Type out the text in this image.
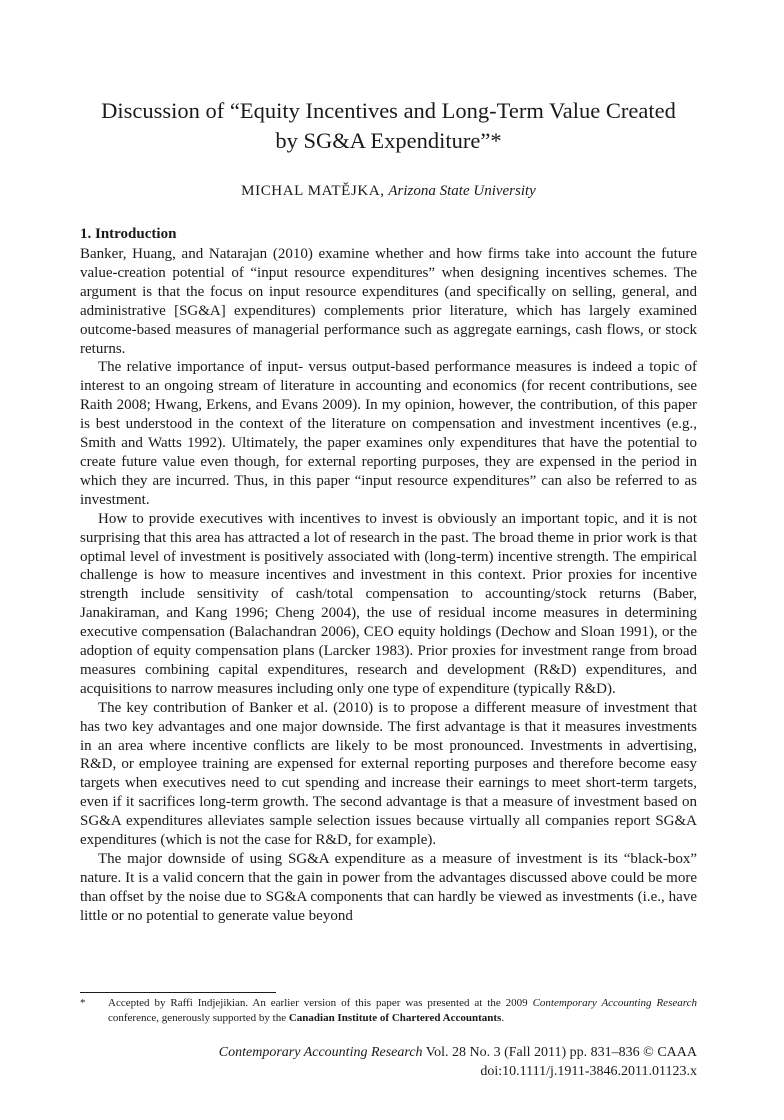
Discussion of “Equity Incentives and Long-Term Value Created
by SG&A Expenditure”*
MICHAL MATĚJKA, Arizona State University
1. Introduction

Banker, Huang, and Natarajan (2010) examine whether and how firms take into account the future value-creation potential of “input resource expenditures” when designing incentives schemes. The argument is that the focus on input resource expenditures (and specifically on selling, general, and administrative [SG&A] expenditures) complements prior literature, which has largely examined outcome-based measures of managerial performance such as aggregate earnings, cash flows, or stock returns.

The relative importance of input- versus output-based performance measures is indeed a topic of interest to an ongoing stream of literature in accounting and economics (for recent contributions, see Raith 2008; Hwang, Erkens, and Evans 2009). In my opinion, however, the contribution, of this paper is best understood in the context of the literature on compensation and investment incentives (e.g., Smith and Watts 1992). Ultimately, the paper examines only expenditures that have the potential to create future value even though, for external reporting purposes, they are expensed in the period in which they are incurred. Thus, in this paper “input resource expenditures” can also be referred to as investment.

How to provide executives with incentives to invest is obviously an important topic, and it is not surprising that this area has attracted a lot of research in the past. The broad theme in prior work is that optimal level of investment is positively associated with (long-term) incentive strength. The empirical challenge is how to measure incentives and investment in this context. Prior proxies for incentive strength include sensitivity of cash/total compensation to accounting/stock returns (Baber, Janakiraman, and Kang 1996; Cheng 2004), the use of residual income measures in determining executive compensation (Balachandran 2006), CEO equity holdings (Dechow and Sloan 1991), or the adoption of equity compensation plans (Larcker 1983). Prior proxies for investment range from broad measures combining capital expenditures, research and development (R&D) expenditures, and acquisitions to narrow measures including only one type of expenditure (typically R&D).

The key contribution of Banker et al. (2010) is to propose a different measure of investment that has two key advantages and one major downside. The first advantage is that it measures investments in an area where incentive conflicts are likely to be most pronounced. Investments in advertising, R&D, or employee training are expensed for external reporting purposes and therefore become easy targets when executives need to cut spending and increase their earnings to meet short-term targets, even if it sacrifices long-term growth. The second advantage is that a measure of investment based on SG&A expenditures alleviates sample selection issues because virtually all companies report SG&A expenditures (which is not the case for R&D, for example).

The major downside of using SG&A expenditure as a measure of investment is its “black-box” nature. It is a valid concern that the gain in power from the advantages discussed above could be more than offset by the noise due to SG&A components that can hardly be viewed as investments (i.e., have little or no potential to generate value beyond

* Accepted by Raffi Indjejikian. An earlier version of this paper was presented at the 2009 Contemporary Accounting Research conference, generously supported by the Canadian Institute of Chartered Accountants.
Contemporary Accounting Research Vol. 28 No. 3 (Fall 2011) pp. 831–836 © CAAA
doi:10.1111/j.1911-3846.2011.01123.x
